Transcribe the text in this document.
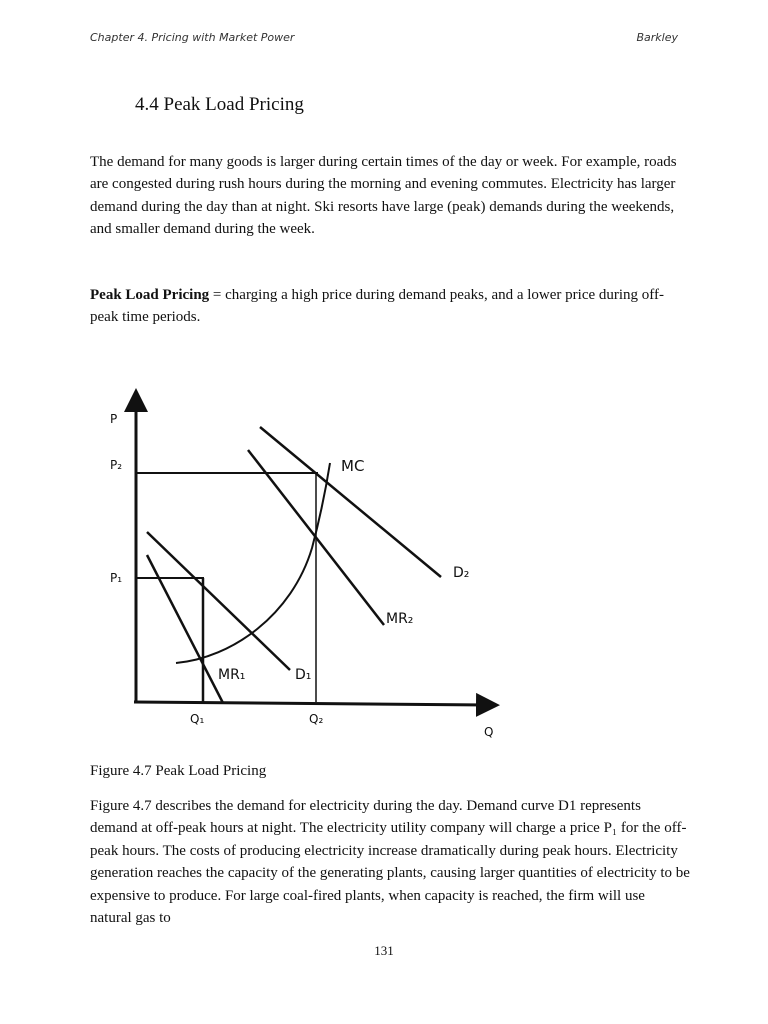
Chapter 4. Pricing with Market Power	Barkley
4.4 Peak Load Pricing

The demand for many goods is larger during certain times of the day or week. For example, roads are congested during rush hours during the morning and evening commutes. Electricity has larger demand during the day than at night. Ski resorts have large (peak) demands during the weekends, and smaller demand during the week.

Peak Load Pricing = charging a high price during demand peaks, and a lower price during off-peak time periods.

P
Q
P₂
P₁
Q₁	Q₂
MC
D₂
MR₂
MR₁	D₁
Figure 4.7 Peak Load Pricing

Figure 4.7 describes the demand for electricity during the day. Demand curve D1 represents demand at off-peak hours at night. The electricity utility company will charge a price P₁ for the off-peak hours. The costs of producing electricity increase dramatically during peak hours. Electricity generation reaches the capacity of the generating plants, causing larger quantities of electricity to be expensive to produce. For large coal-fired plants, when capacity is reached, the firm will use natural gas to

131
